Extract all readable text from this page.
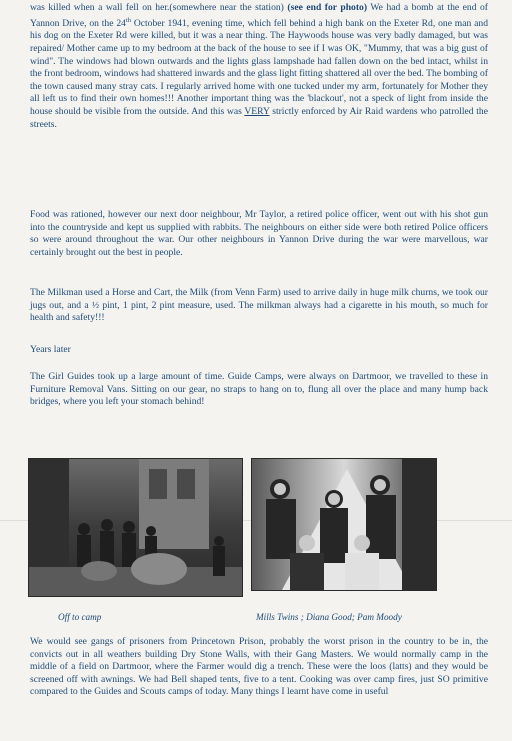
was killed when a wall fell on her.(somewhere near the station) (see end for photo) We had a bomb at the end of Yannon Drive, on the 24th October 1941, evening time, which fell behind a high bank on the Exeter Rd, one man and his dog on the Exeter Rd were killed, but it was a near thing. The Haywoods house was very badly damaged, but was repaired/ Mother came up to my bedroom at the back of the house to see if I was OK, "Mummy, that was a big gust of wind". The windows had blown outwards and the lights glass lampshade had fallen down on the bed intact, whilst in the front bedroom, windows had shattered inwards and the glass light fitting shattered all over the bed. The bombing of the town caused many stray cats. I regularly arrived home with one tucked under my arm, fortunately for Mother they all left us to find their own homes!!! Another important thing was the 'blackout', not a speck of light from inside the house should be visible from the outside. And this was VERY strictly enforced by Air Raid wardens who patrolled the streets.

Food was rationed, however our next door neighbour, Mr Taylor, a retired police officer, went out with his shot gun into the countryside and kept us supplied with rabbits. The neighbours on either side were both retired Police officers so were around throughout the war. Our other neighbours in Yannon Drive during the war were marvellous, war certainly brought out the best in people.

The Milkman used a Horse and Cart, the Milk (from Venn Farm) used to arrive daily in huge milk churns, we took our jugs out, and a ½ pint, 1 pint, 2 pint measure, used. The milkman always had a cigarette in his mouth, so much for health and safety!!!

Years later

The Girl Guides took up a large amount of time. Guide Camps, were always on Dartmoor, we travelled to these in Furniture Removal Vans. Sitting on our gear, no straps to hang on to, flung all over the place and many hump back bridges, where you left your stomach behind!

Off to camp	Mills Twins ; Diana Good; Pam Moody

We would see gangs of prisoners from Princetown Prison, probably the worst prison in the country to be in, the convicts out in all weathers building Dry Stone Walls, with their Gang Masters. We would normally camp in the middle of a field on Dartmoor, where the Farmer would dig a trench. These were the loos (latts) and they would be screened off with awnings. We had Bell shaped tents, five to a tent. Cooking was over camp fires, just SO primitive compared to the Guides and Scouts camps of today. Many things I learnt have come in useful
